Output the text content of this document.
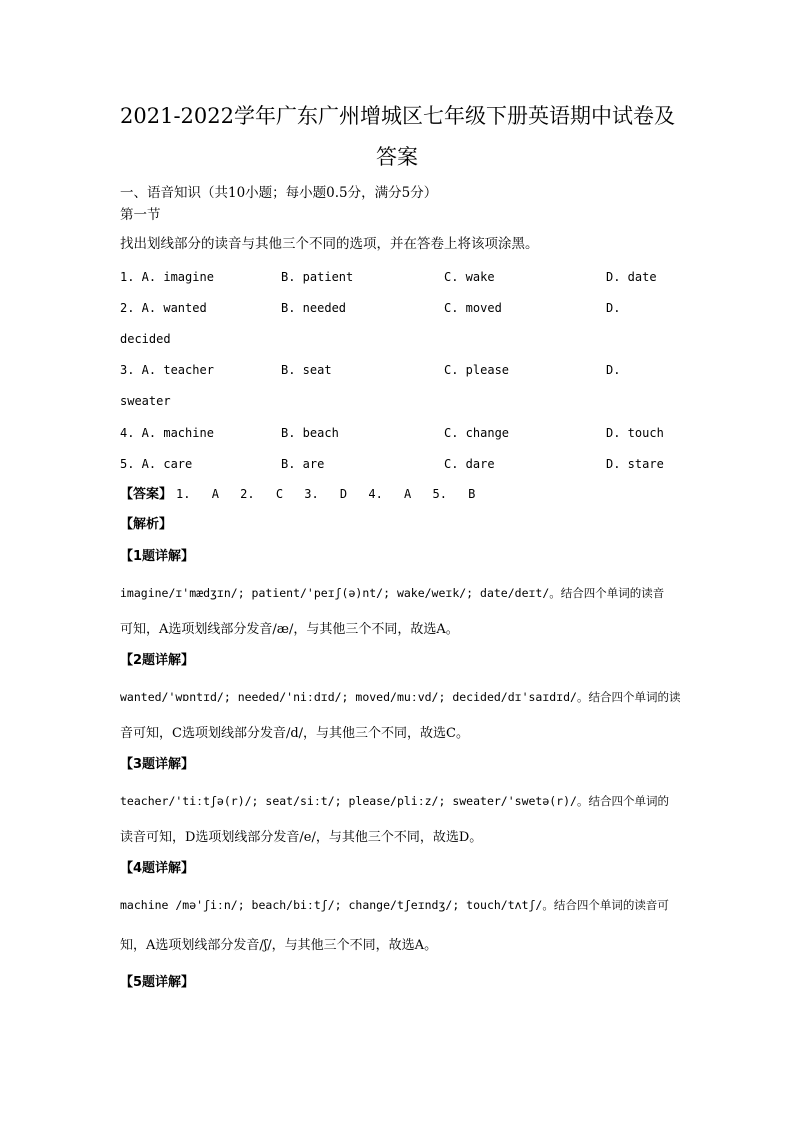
2021-2022学年广东广州增城区七年级下册英语期中试卷及
答案
一、语音知识（共10小题；每小题0.5分，满分5分）
第一节
找出划线部分的读音与其他三个不同的选项，并在答卷上将该项涂黑。
1. A. imagine	B. patient	C. wake	D. date
2. A. wanted	B. needed	C. moved	D.
decided
3. A. teacher	B. seat	C. please	D.
sweater
4. A. machine	B. beach	C. change	D. touch
5. A. care	B. are	C. dare	D. stare
【答案】 1. A 2. C 3. D 4. A 5. B
【解析】
【1题详解】
imagine/ɪ'mædʒɪn/; patient/'peɪʃ(ə)nt/; wake/weɪk/; date/deɪt/。结合四个单词的读音
可知，A选项划线部分发音/æ/，与其他三个不同，故选A。
【2题详解】
wanted/'wɒntɪd/; needed/'niːdɪd/; moved/muːvd/; decided/dɪ'saɪdɪd/。结合四个单词的读
音可知，C选项划线部分发音/d/，与其他三个不同，故选C。
【3题详解】
teacher/'tiːtʃə(r)/; seat/siːt/; please/pliːz/; sweater/'swetə(r)/。结合四个单词的
读音可知，D选项划线部分发音/e/，与其他三个不同，故选D。
【4题详解】
machine /mə'ʃiːn/; beach/biːtʃ/; change/tʃeɪndʒ/; touch/tʌtʃ/。结合四个单词的读音可
知，A选项划线部分发音/ʃ/，与其他三个不同，故选A。
【5题详解】
